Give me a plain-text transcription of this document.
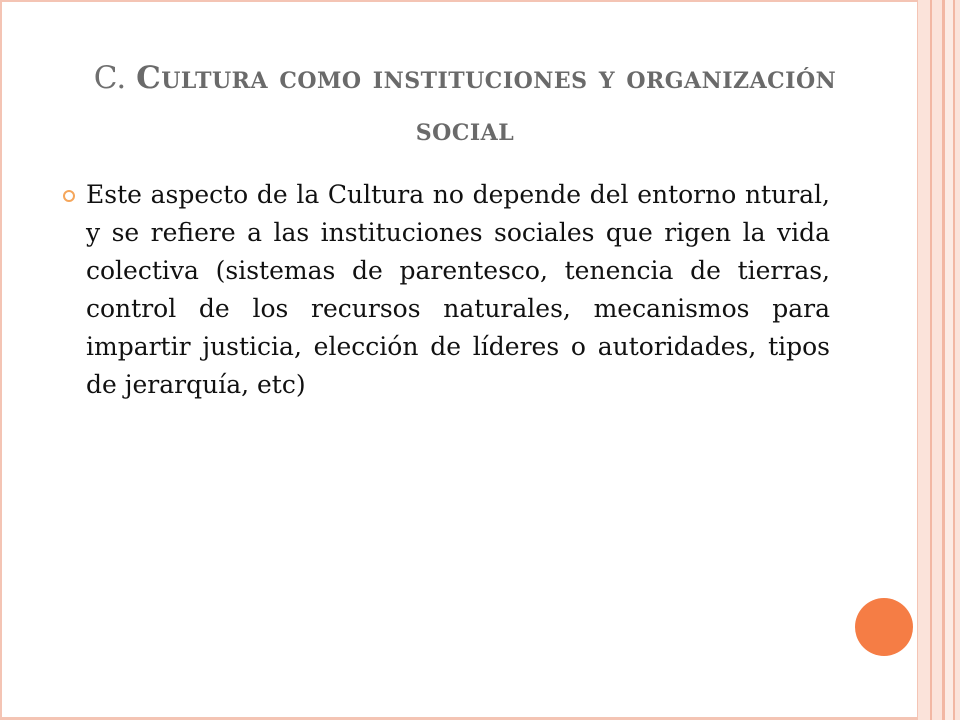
C. Cultura como instituciones y organización social

Este aspecto de la Cultura no depende del entorno ntural, y se refiere a las instituciones sociales que rigen la vida colectiva (sistemas de parentesco, tenencia de tierras, control de los recursos naturales, mecanismos para impartir justicia, elección de líderes o autoridades, tipos de jerarquía, etc)
